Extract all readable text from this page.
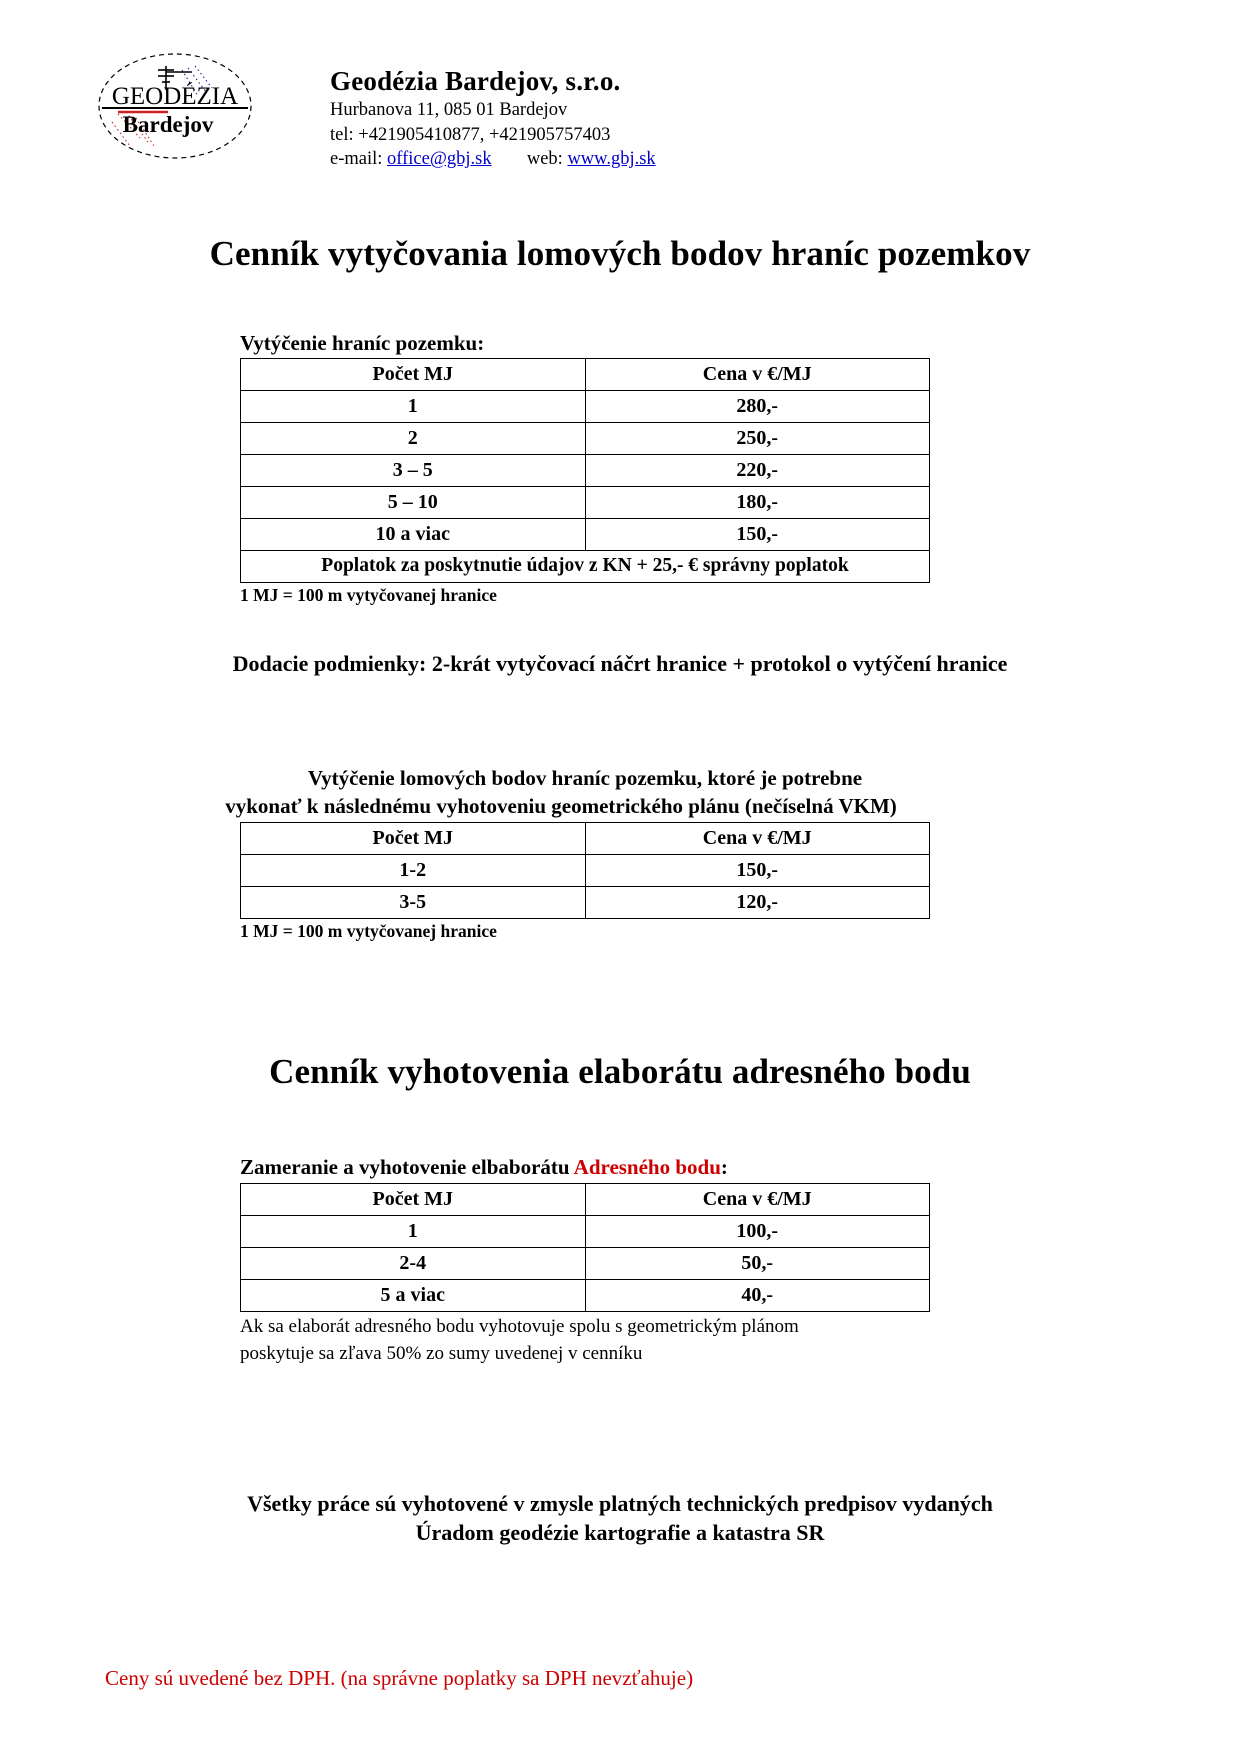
GEODÉZIA
Bardejov
Geodézia Bardejov, s.r.o.
Hurbanova 11, 085 01 Bardejov
tel: +421905410877, +421905757403
e-mail: office@gbj.sk web: www.gbj.sk
Cenník vytyčovania lomových bodov hraníc pozemkov
Vytýčenie hraníc pozemku:
Počet MJ	Cena v €/MJ
1	280,-
2	250,-
3 – 5	220,-
5 – 10	180,-
10 a viac	150,-
Poplatok za poskytnutie údajov z KN + 25,- € správny poplatok	
1 MJ = 100 m vytyčovanej hranice
Dodacie podmienky: 2-krát vytyčovací náčrt hranice + protokol o vytýčení hranice
Vytýčenie lomových bodov hraníc pozemku, ktoré je potrebne
vykonať k následnému vyhotoveniu geometrického plánu (nečíselná VKM)
Počet MJ	Cena v €/MJ
1-2	150,-
3-5	120,-
1 MJ = 100 m vytyčovanej hranice
Cenník vyhotovenia elaborátu adresného bodu
Zameranie a vyhotovenie elbaborátu Adresného bodu:
Počet MJ	Cena v €/MJ
1	100,-
2-4	50,-
5 a viac	40,-
Ak sa elaborát adresného bodu vyhotovuje spolu s geometrickým plánom
poskytuje sa zľava 50% zo sumy uvedenej v cenníku
Všetky práce sú vyhotovené v zmysle platných technických predpisov vydaných
Úradom geodézie kartografie a katastra SR
Ceny sú uvedené bez DPH. (na správne poplatky sa DPH nevzťahuje)
